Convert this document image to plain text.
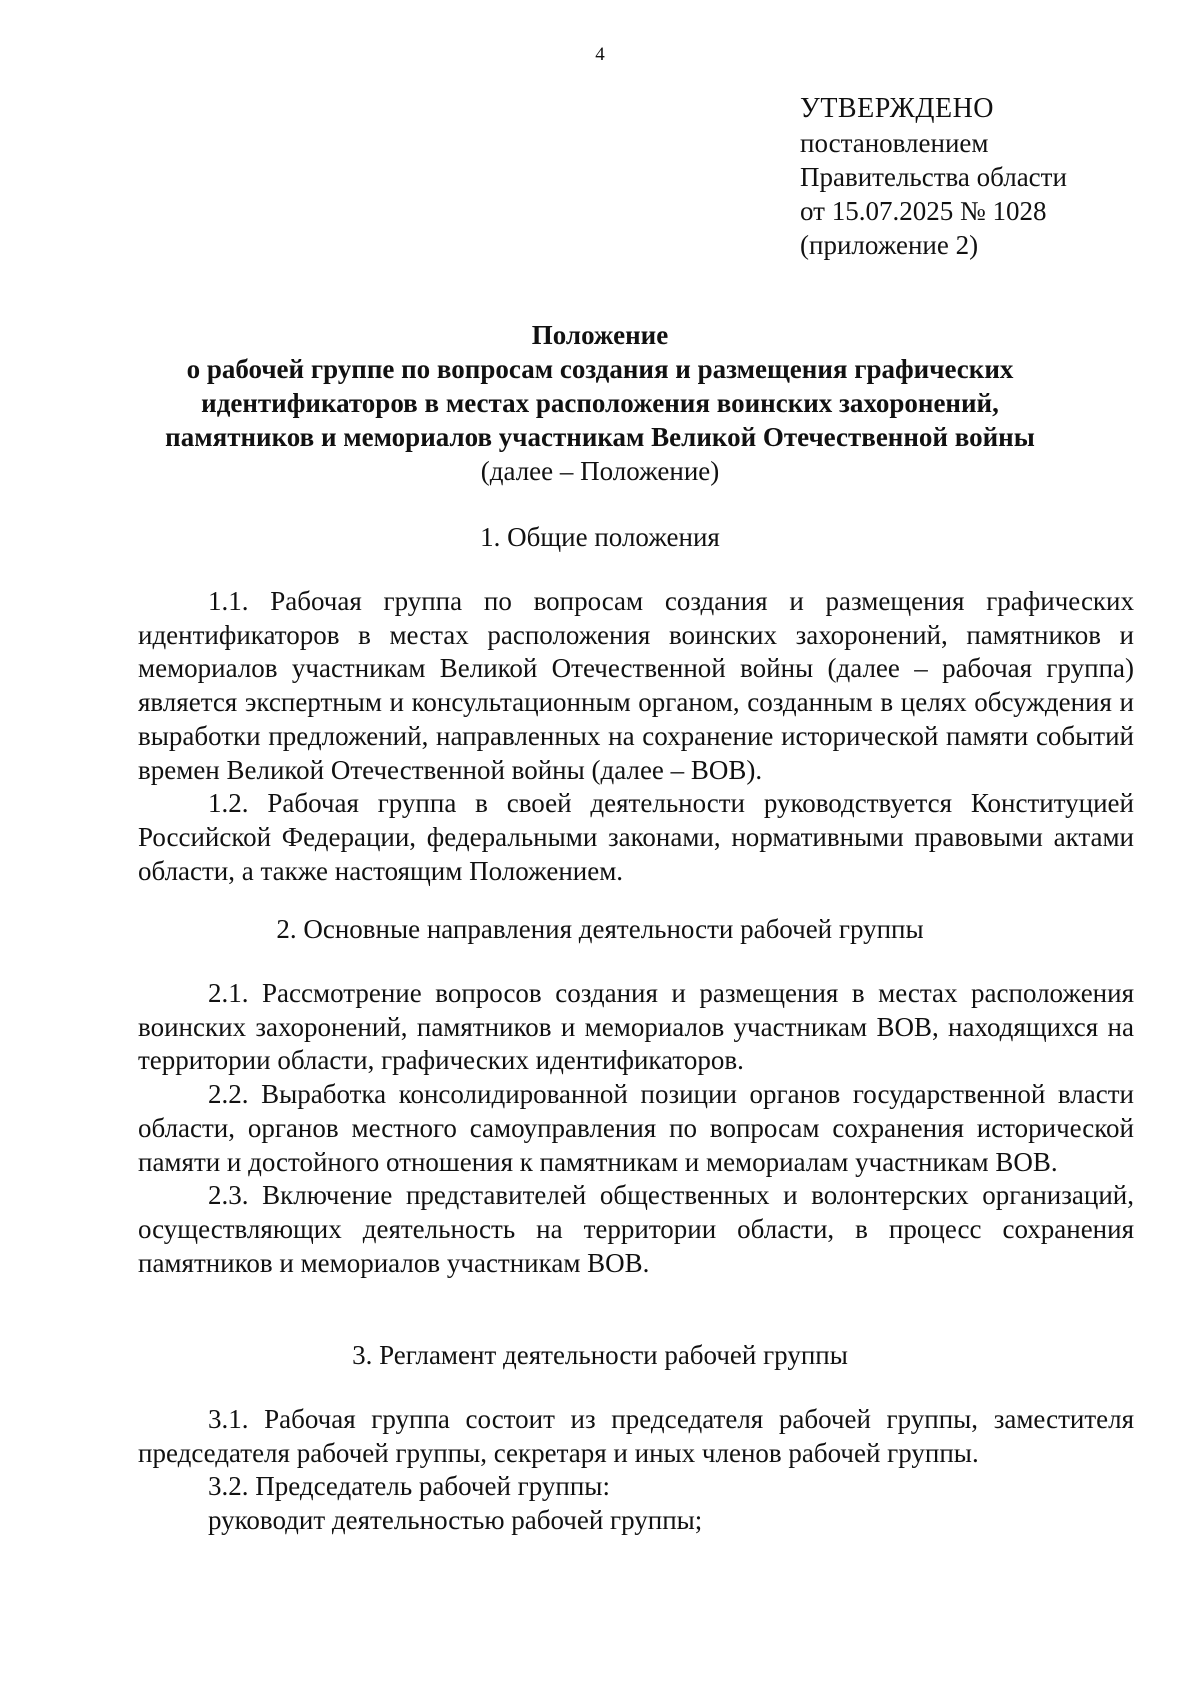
4
УТВЕРЖДЕНО
постановлением
Правительства области
от 15.07.2025 № 1028
(приложение 2)
Положение
о рабочей группе по вопросам создания и размещения графических
идентификаторов в местах расположения воинских захоронений,
памятников и мемориалов участникам Великой Отечественной войны
(далее – Положение)
1. Общие положения

1.1. Рабочая группа по вопросам создания и размещения графических идентификаторов в местах расположения воинских захоронений, памятников и мемориалов участникам Великой Отечественной войны (далее – рабочая группа) является экспертным и консультационным органом, созданным в целях обсуждения и выработки предложений, направленных на сохранение исторической памяти событий времен Великой Отечественной войны (далее – ВОВ).

1.2. Рабочая группа в своей деятельности руководствуется Конституцией Российской Федерации, федеральными законами, нормативными правовыми актами области, а также настоящим Положением.

2. Основные направления деятельности рабочей группы

2.1. Рассмотрение вопросов создания и размещения в местах расположения воинских захоронений, памятников и мемориалов участникам ВОВ, находящихся на территории области, графических идентификаторов.

2.2. Выработка консолидированной позиции органов государственной власти области, органов местного самоуправления по вопросам сохранения исторической памяти и достойного отношения к памятникам и мемориалам участникам ВОВ.

2.3. Включение представителей общественных и волонтерских организаций, осуществляющих деятельность на территории области, в процесс сохранения памятников и мемориалов участникам ВОВ.

3. Регламент деятельности рабочей группы

3.1. Рабочая группа состоит из председателя рабочей группы, заместителя председателя рабочей группы, секретаря и иных членов рабочей группы.

3.2. Председатель рабочей группы:

руководит деятельностью рабочей группы;
